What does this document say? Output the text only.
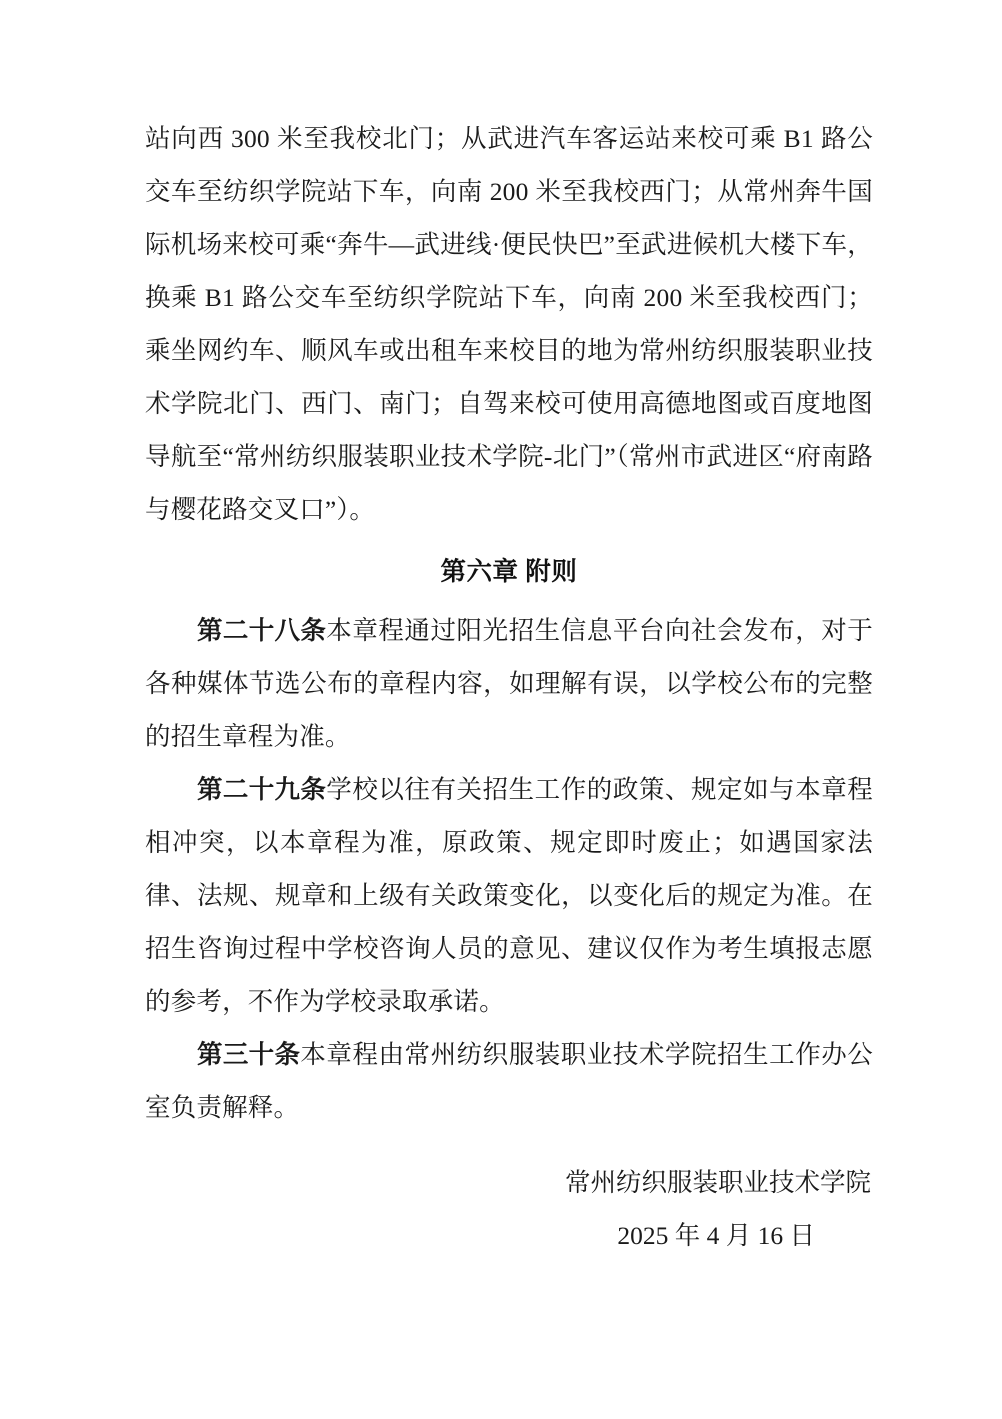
站向西 300 米至我校北门；从武进汽车客运站来校可乘 B1 路公交车至纺织学院站下车，向南 200 米至我校西门；从常州奔牛国际机场来校可乘“奔牛—武进线·便民快巴”至武进候机大楼下车，换乘 B1 路公交车至纺织学院站下车，向南 200 米至我校西门；乘坐网约车、顺风车或出租车来校目的地为常州纺织服装职业技术学院北门、西门、南门；自驾来校可使用高德地图或百度地图导航至“常州纺织服装职业技术学院-北门”（常州市武进区“府南路与樱花路交叉口”）。

第六章 附则

第二十八条本章程通过阳光招生信息平台向社会发布，对于各种媒体节选公布的章程内容，如理解有误，以学校公布的完整的招生章程为准。

第二十九条学校以往有关招生工作的政策、规定如与本章程相冲突，以本章程为准，原政策、规定即时废止；如遇国家法律、法规、规章和上级有关政策变化，以变化后的规定为准。在招生咨询过程中学校咨询人员的意见、建议仅作为考生填报志愿的参考，不作为学校录取承诺。

第三十条本章程由常州纺织服装职业技术学院招生工作办公室负责解释。

常州纺织服装职业技术学院
2025 年 4 月 16 日
